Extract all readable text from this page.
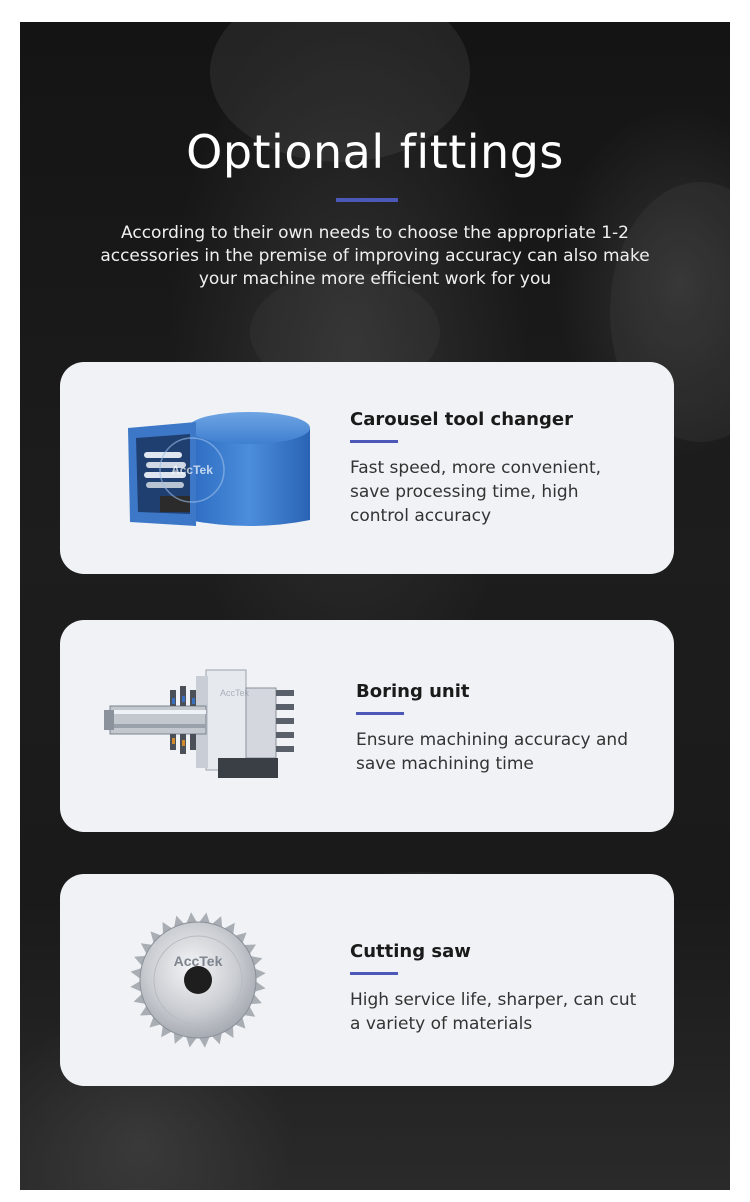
Optional fittings
According to their own needs to choose the appropriate 1-2 accessories in the premise of improving accuracy can also make your machine more efficient work for you
AccTek
Carousel tool changer
Fast speed, more convenient, save processing time, high control accuracy
AccTek	Boring unit
Ensure machining accuracy and save machining time
AccTek	Cutting saw
High service life, sharper, can cut a variety of materials
